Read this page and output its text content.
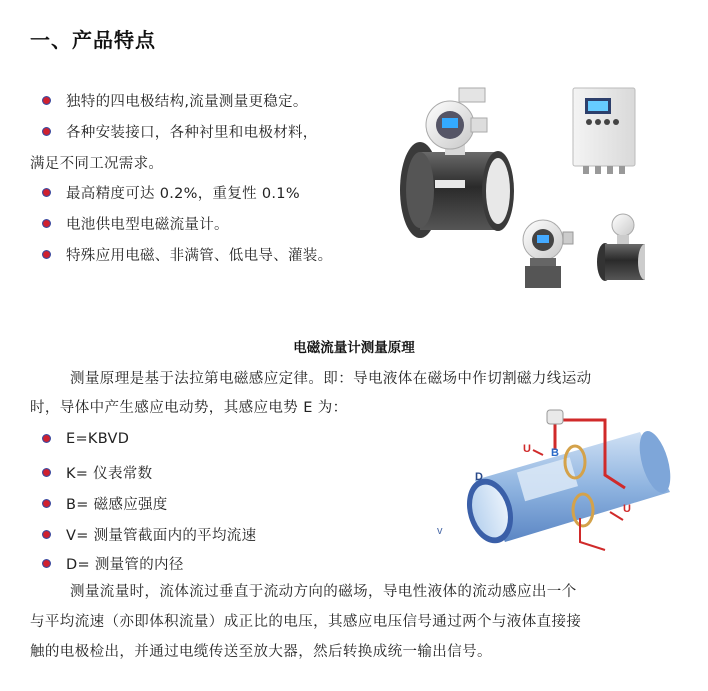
一、产品特点
独特的四电极结构,流量测量更稳定。
各种安装接口，各种衬里和电极材料，
满足不同工况需求。
最高精度可达 0.2%，重复性 0.1%
电池供电型电磁流量计。
特殊应用电磁、非满管、低电导、灌装。
电磁流量计测量原理
测量原理是基于法拉第电磁感应定律。即：导电液体在磁场中作切割磁力线运动
时，导体中产生感应电动势，其感应电势 E 为：
E=KBVD
K= 仪表常数
B= 磁感应强度
V= 测量管截面内的平均流速
D= 测量管的内径
U B
D
U
v
测量流量时，流体流过垂直于流动方向的磁场，导电性液体的流动感应出一个
与平均流速（亦即体积流量）成正比的电压，其感应电压信号通过两个与液体直接接
触的电极检出，并通过电缆传送至放大器，然后转换成统一输出信号。
